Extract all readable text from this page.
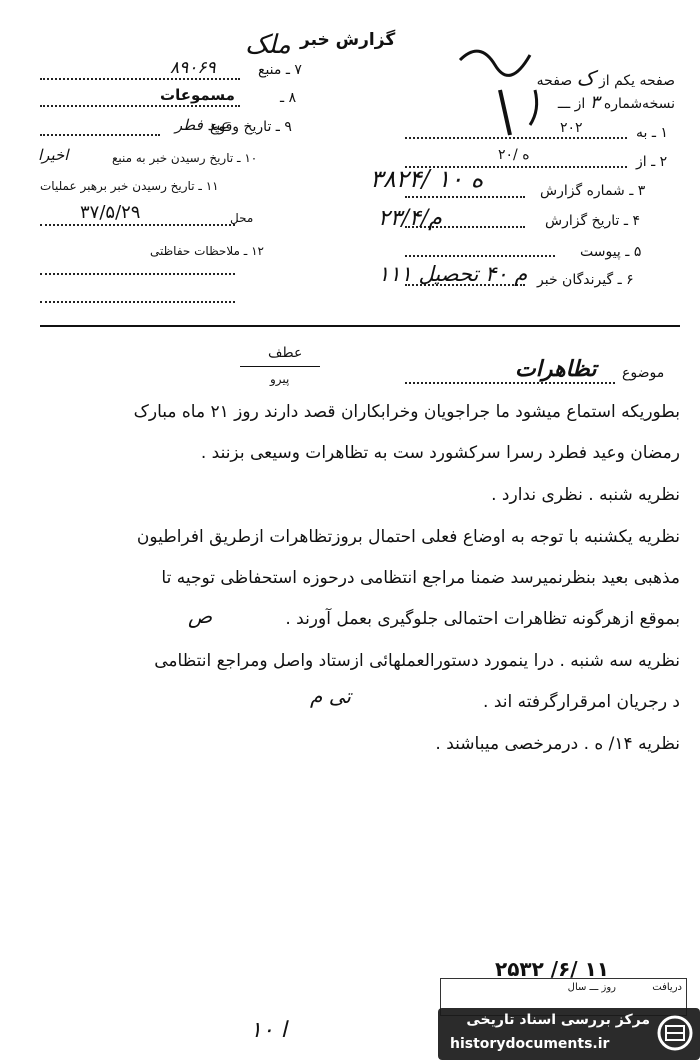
گزارش خبر
ملک
صفحه یکم از ک صفحه
نسخه‌شماره ۳ از ـــ
۸۹۰۶۹	۷ ـ منبع
مسموعات	۸ ـ
عید فطر
۹ ـ تاریخ وقوع
۱۰ ـ تاریخ رسیدن خبر به منبع
اخیرا
۱۱ ـ تاریخ رسیدن خبر برهبر عملیات
۳۷/۵/۲۹	محل
۱۲ ـ ملاحظات حفاظتی
۲۰۲	۱ ـ به
۲۰/ ه	۲ ـ از
۳۸۲۴/ ۱۰ ه	۳ ـ شماره گزارش
۲۳/۴/م	۴ ـ تاریخ گزارش
۵ ـ پیوست
۱۱۱ م ۴۰ تحصیل ۶ ـ گیرندگان خبر
موضوع
تظاهرات
عطف
پیرو
بطوریکه استماع میشود ما جراجویان وخرابکاران قصد دارند روز ۲۱ ماه مبارک
رمضان وعید فطرد رسرا سرکشورد ست به تظاهرات وسیعی بزنند .
نظریه شنبه . نظری ندارد .
نظریه یکشنبه با توجه به اوضاع فعلی احتمال بروزتظاهرات ازطریق افراطیون
مذهبی بعید بنظرنمیرسد ضمنا مراجع انتظامی درحوزه استحفاظی توجیه تا
بموقع ازهرگونه تظاهرات احتمالی جلوگیری بعمل آورند .
ص
نظریه سه شنبه . درا ینمورد دستورالعملهائی ازستاد واصل ومراجع انتظامی
د رجریان امرقرارگرفته اند .
تی م
نظریه ۱۴/ ه . درمرخصی میباشند .
۲۵۳۲ /۶/ ۱۱
دریافت
روز ـــ سال
ا ۱۰	مرکز بررسی اسناد تاریخی
historydocuments.ir
